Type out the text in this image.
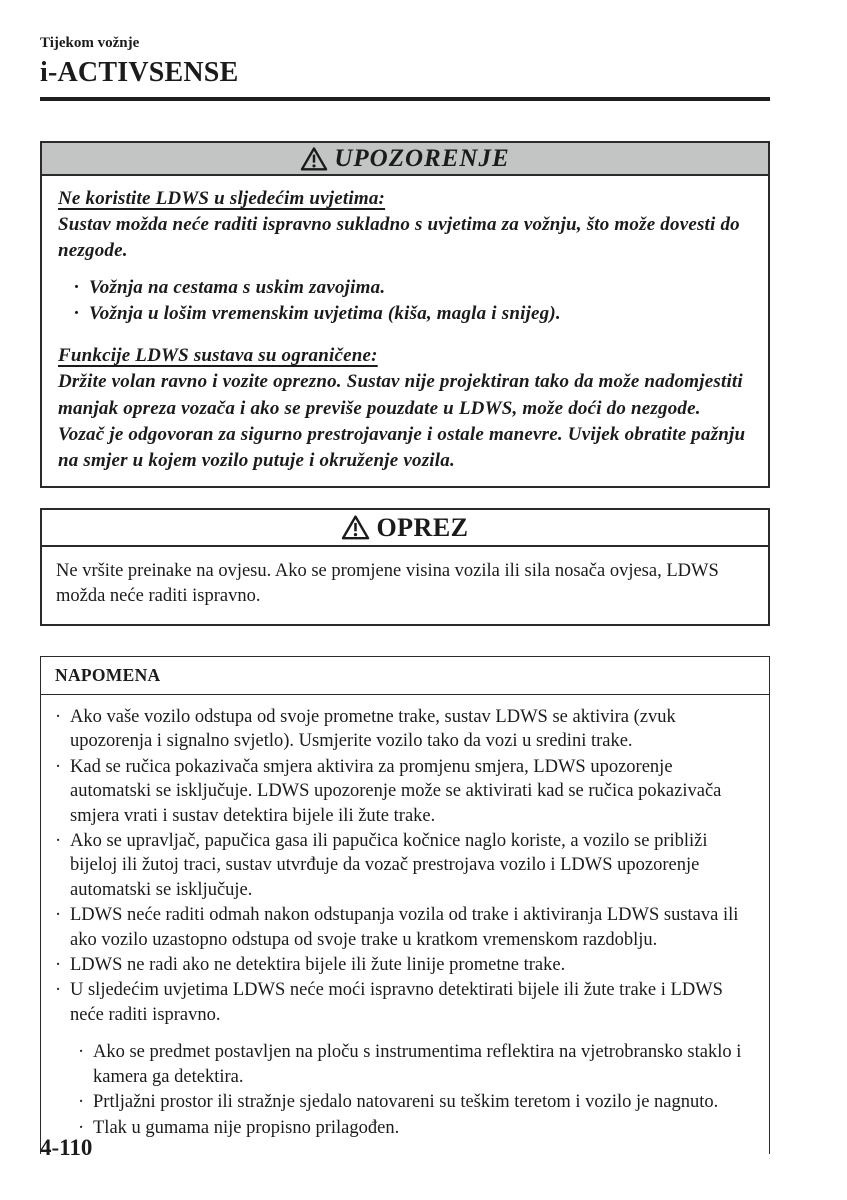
Tijekom vožnje
i-ACTIVSENSE
UPOZORENJE

Ne koristite LDWS u sljedećim uvjetima:

Sustav možda neće raditi ispravno sukladno s uvjetima za vožnju, što može dovesti do nezgode.

· Vožnja na cestama s uskim zavojima.
· Vožnja u lošim vremenskim uvjetima (kiša, magla i snijeg).

Funkcije LDWS sustava su ograničene:

Držite volan ravno i vozite oprezno. Sustav nije projektiran tako da može nadomjestiti manjak opreza vozača i ako se previše pouzdate u LDWS, može doći do nezgode. Vozač je odgovoran za sigurno prestrojavanje i ostale manevre. Uvijek obratite pažnju na smjer u kojem vozilo putuje i okruženje vozila.

OPREZ

Ne vršite preinake na ovjesu. Ako se promjene visina vozila ili sila nosača ovjesa, LDWS možda neće raditi ispravno.

NAPOMENA
· Ako vaše vozilo odstupa od svoje prometne trake, sustav LDWS se aktivira (zvuk upozorenja i signalno svjetlo). Usmjerite vozilo tako da vozi u sredini trake.
· Kad se ručica pokazivača smjera aktivira za promjenu smjera, LDWS upozorenje automatski se isključuje. LDWS upozorenje može se aktivirati kad se ručica pokazivača smjera vrati i sustav detektira bijele ili žute trake.
· Ako se upravljač, papučica gasa ili papučica kočnice naglo koriste, a vozilo se približi bijeloj ili žutoj traci, sustav utvrđuje da vozač prestrojava vozilo i LDWS upozorenje automatski se isključuje.
· LDWS neće raditi odmah nakon odstupanja vozila od trake i aktiviranja LDWS sustava ili ako vozilo uzastopno odstupa od svoje trake u kratkom vremenskom razdoblju.
· LDWS ne radi ako ne detektira bijele ili žute linije prometne trake.
· U sljedećim uvjetima LDWS neće moći ispravno detektirati bijele ili žute trake i LDWS neće raditi ispravno.
· Ako se predmet postavljen na ploču s instrumentima reflektira na vjetrobransko staklo i kamera ga detektira.
· Prtljažni prostor ili stražnje sjedalo natovareni su teškim teretom i vozilo je nagnuto.
· Tlak u gumama nije propisno prilagođen.
4-110
